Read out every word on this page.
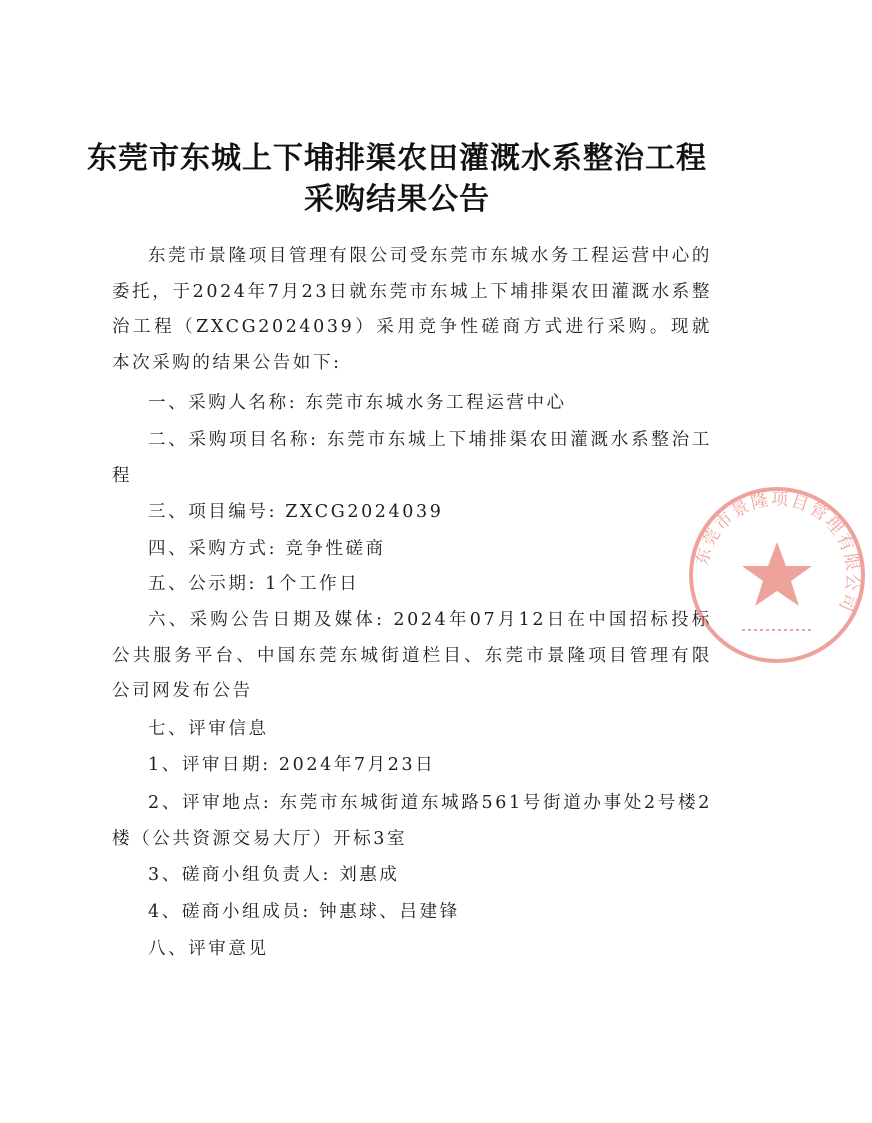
东莞市东城上下埔排渠农田灌溉水系整治工程
采购结果公告
东莞市景隆项目管理有限公司受东莞市东城水务工程运营中心的委托，于2024年7月23日就东莞市东城上下埔排渠农田灌溉水系整治工程（ZXCG2024039）采用竞争性磋商方式进行采购。现就本次采购的结果公告如下:
一、采购人名称: 东莞市东城水务工程运营中心
二、采购项目名称: 东莞市东城上下埔排渠农田灌溉水系整治工程
三、项目编号: ZXCG2024039
四、采购方式: 竞争性磋商
五、公示期: 1个工作日
六、采购公告日期及媒体: 2024年07月12日在中国招标投标公共服务平台、中国东莞东城街道栏目、东莞市景隆项目管理有限公司网发布公告
七、评审信息
1、评审日期: 2024年7月23日
2、评审地点: 东莞市东城街道东城路561号街道办事处2号楼2楼（公共资源交易大厅）开标3室
3、磋商小组负责人: 刘惠成
4、磋商小组成员: 钟惠球、吕建锋
八、评审意见
东莞市景隆项目管理有限公司
